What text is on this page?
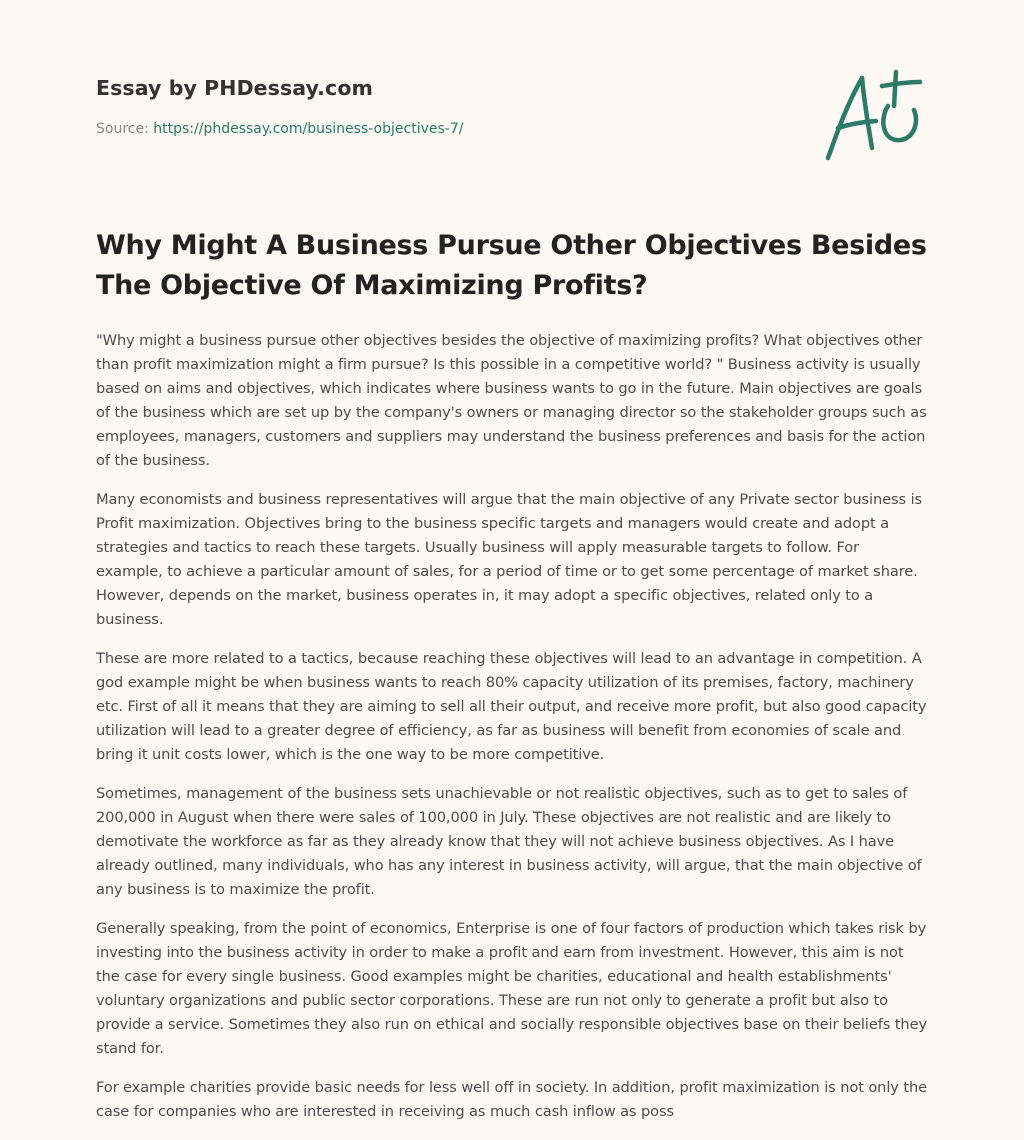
Essay by PHDessay.com
Source: https://phdessay.com/business-objectives-7/
Why Might A Business Pursue Other Objectives Besides The Objective Of Maximizing Profits?

"Why might a business pursue other objectives besides the objective of maximizing profits? What objectives other than profit maximization might a firm pursue? Is this possible in a competitive world? " Business activity is usually based on aims and objectives, which indicates where business wants to go in the future. Main objectives are goals of the business which are set up by the company's owners or managing director so the stakeholder groups such as employees, managers, customers and suppliers may understand the business preferences and basis for the action of the business.

Many economists and business representatives will argue that the main objective of any Private sector business is Profit maximization. Objectives bring to the business specific targets and managers would create and adopt a strategies and tactics to reach these targets. Usually business will apply measurable targets to follow. For example, to achieve a particular amount of sales, for a period of time or to get some percentage of market share. However, depends on the market, business operates in, it may adopt a specific objectives, related only to a business.

These are more related to a tactics, because reaching these objectives will lead to an advantage in competition. A god example might be when business wants to reach 80% capacity utilization of its premises, factory, machinery etc. First of all it means that they are aiming to sell all their output, and receive more profit, but also good capacity utilization will lead to a greater degree of efficiency, as far as business will benefit from economies of scale and bring it unit costs lower, which is the one way to be more competitive.

Sometimes, management of the business sets unachievable or not realistic objectives, such as to get to sales of 200,000 in August when there were sales of 100,000 in July. These objectives are not realistic and are likely to demotivate the workforce as far as they already know that they will not achieve business objectives. As I have already outlined, many individuals, who has any interest in business activity, will argue, that the main objective of any business is to maximize the profit.

Generally speaking, from the point of economics, Enterprise is one of four factors of production which takes risk by investing into the business activity in order to make a profit and earn from investment. However, this aim is not the case for every single business. Good examples might be charities, educational and health establishments' voluntary organizations and public sector corporations. These are run not only to generate a profit but also to provide a service. Sometimes they also run on ethical and socially responsible objectives base on their beliefs they stand for.

For example charities provide basic needs for less well off in society. In addition, profit maximization is not only the case for companies who are interested in receiving as much cash inflow as poss
